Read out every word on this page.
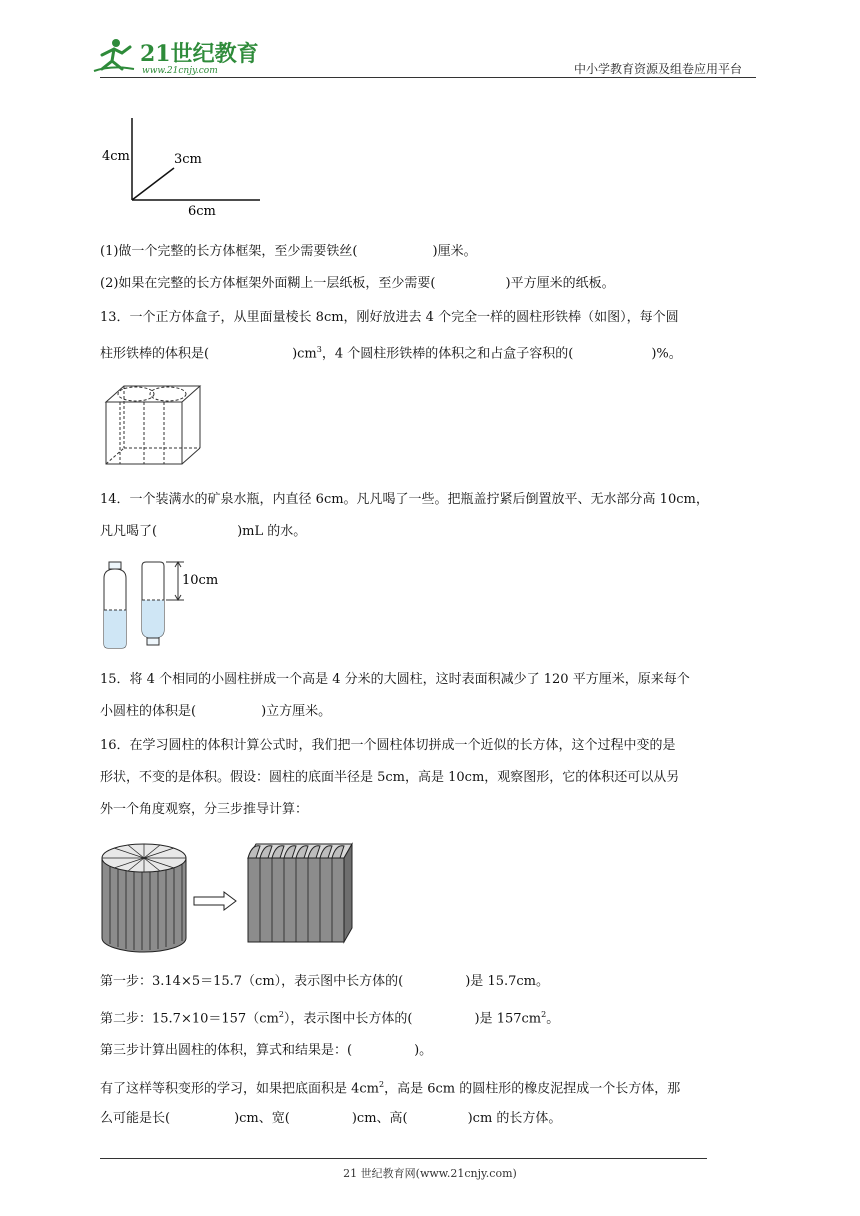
21世纪教育
www.21cnjy.com	中小学教育资源及组卷应用平台
4cm	3cm
6cm
(1)做一个完整的长方体框架，至少需要铁丝(	)厘米。
(2)如果在完整的长方体框架外面糊上一层纸板，至少需要(	)平方厘米的纸板。
13．一个正方体盒子，从里面量棱长 8cm，刚好放进去 4 个完全一样的圆柱形铁棒（如图），每个圆
柱形铁棒的体积是(	)$cm^3$，4 个圆柱形铁棒的体积之和占盒子容积的(	)%。
14．一个装满水的矿泉水瓶，内直径 6cm。凡凡喝了一些。把瓶盖拧紧后倒置放平、无水部分高 10cm，
凡凡喝了(	)mL 的水。
10cm
15．将 4 个相同的小圆柱拼成一个高是 4 分米的大圆柱，这时表面积减少了 120 平方厘米，原来每个
小圆柱的体积是(	)立方厘米。
16．在学习圆柱的体积计算公式时，我们把一个圆柱体切拼成一个近似的长方体，这个过程中变的是
形状，不变的是体积。假设：圆柱的底面半径是 5cm，高是 10cm，观察图形，它的体积还可以从另
外一个角度观察，分三步推导计算：
第一步：3.14×5＝15.7（cm），表示图中长方体的(	)是 15.7cm。
第二步：$15.7\times 10=157(cm^2)$，表示图中长方体的(	)是 $157cm^2$。
第三步计算出圆柱的体积，算式和结果是：(	)。
有了这样等积变形的学习，如果把底面积是 $4cm^2$，高是 6cm 的圆柱形的橡皮泥捏成一个长方体，那
么可能是长(	)cm、宽(	)cm、高(	)cm 的长方体。
21 世纪教育网(www.21cnjy.com)
